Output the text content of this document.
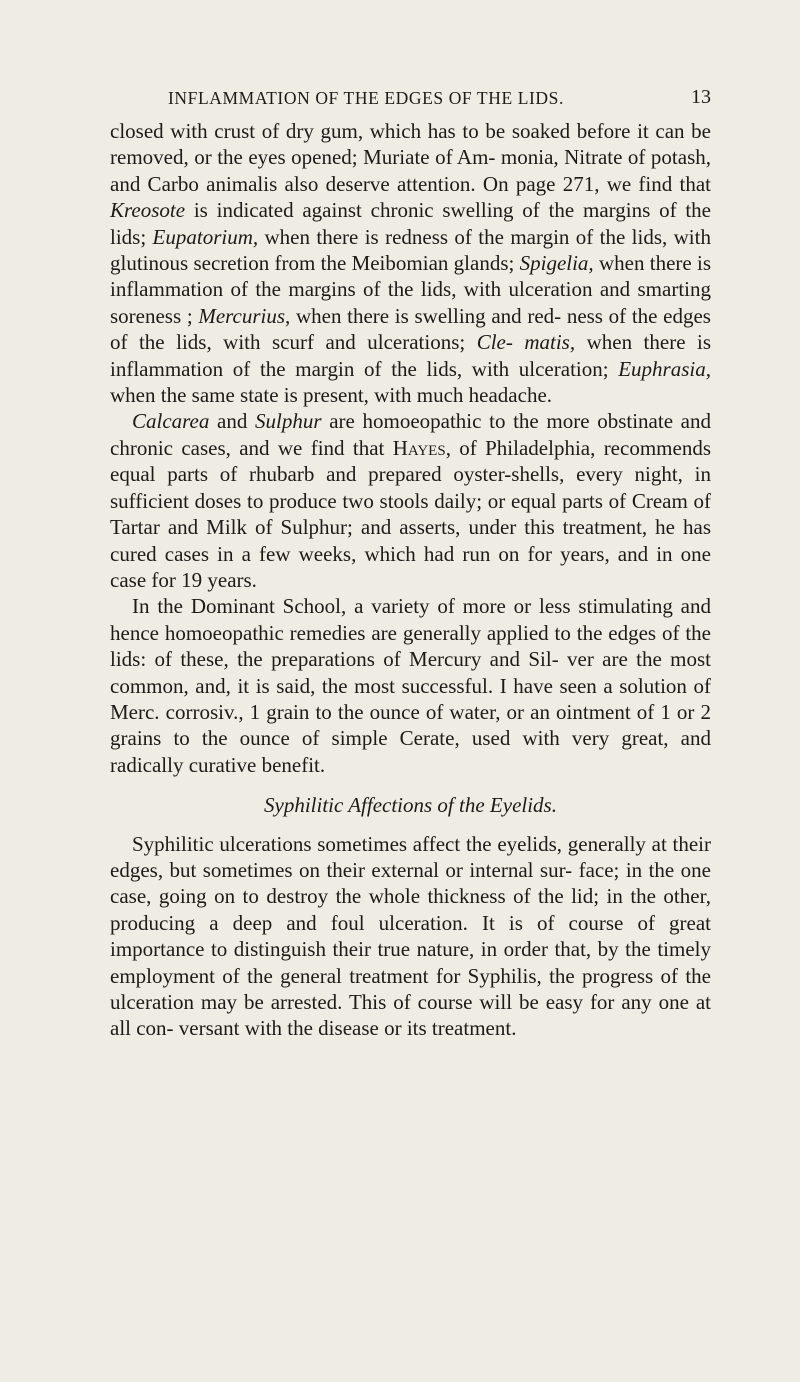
INFLAMMATION OF THE EDGES OF THE LIDS.	13

closed with crust of dry gum, which has to be soaked before it can be removed, or the eyes opened; Muriate of Am- monia, Nitrate of potash, and Carbo animalis also deserve attention. On page 271, we find that Kreosote is indicated against chronic swelling of the margins of the lids; Eupatorium, when there is redness of the margin of the lids, with glutinous secretion from the Meibomian glands; Spigelia, when there is inflammation of the margins of the lids, with ulceration and smarting soreness ; Mercurius, when there is swelling and red- ness of the edges of the lids, with scurf and ulcerations; Cle- matis, when there is inflammation of the margin of the lids, with ulceration; Euphrasia, when the same state is present, with much headache.

Calcarea and Sulphur are homoeopathic to the more obstinate and chronic cases, and we find that Hayes, of Philadelphia, recommends equal parts of rhubarb and prepared oyster-shells, every night, in sufficient doses to produce two stools daily; or equal parts of Cream of Tartar and Milk of Sulphur; and asserts, under this treatment, he has cured cases in a few weeks, which had run on for years, and in one case for 19 years.

In the Dominant School, a variety of more or less stimulating and hence homoeopathic remedies are generally applied to the edges of the lids: of these, the preparations of Mercury and Sil- ver are the most common, and, it is said, the most successful. I have seen a solution of Merc. corrosiv., 1 grain to the ounce of water, or an ointment of 1 or 2 grains to the ounce of simple Cerate, used with very great, and radically curative benefit.

Syphilitic Affections of the Eyelids.

Syphilitic ulcerations sometimes affect the eyelids, generally at their edges, but sometimes on their external or internal sur- face; in the one case, going on to destroy the whole thickness of the lid; in the other, producing a deep and foul ulceration. It is of course of great importance to distinguish their true nature, in order that, by the timely employment of the general treatment for Syphilis, the progress of the ulceration may be arrested. This of course will be easy for any one at all con- versant with the disease or its treatment.
